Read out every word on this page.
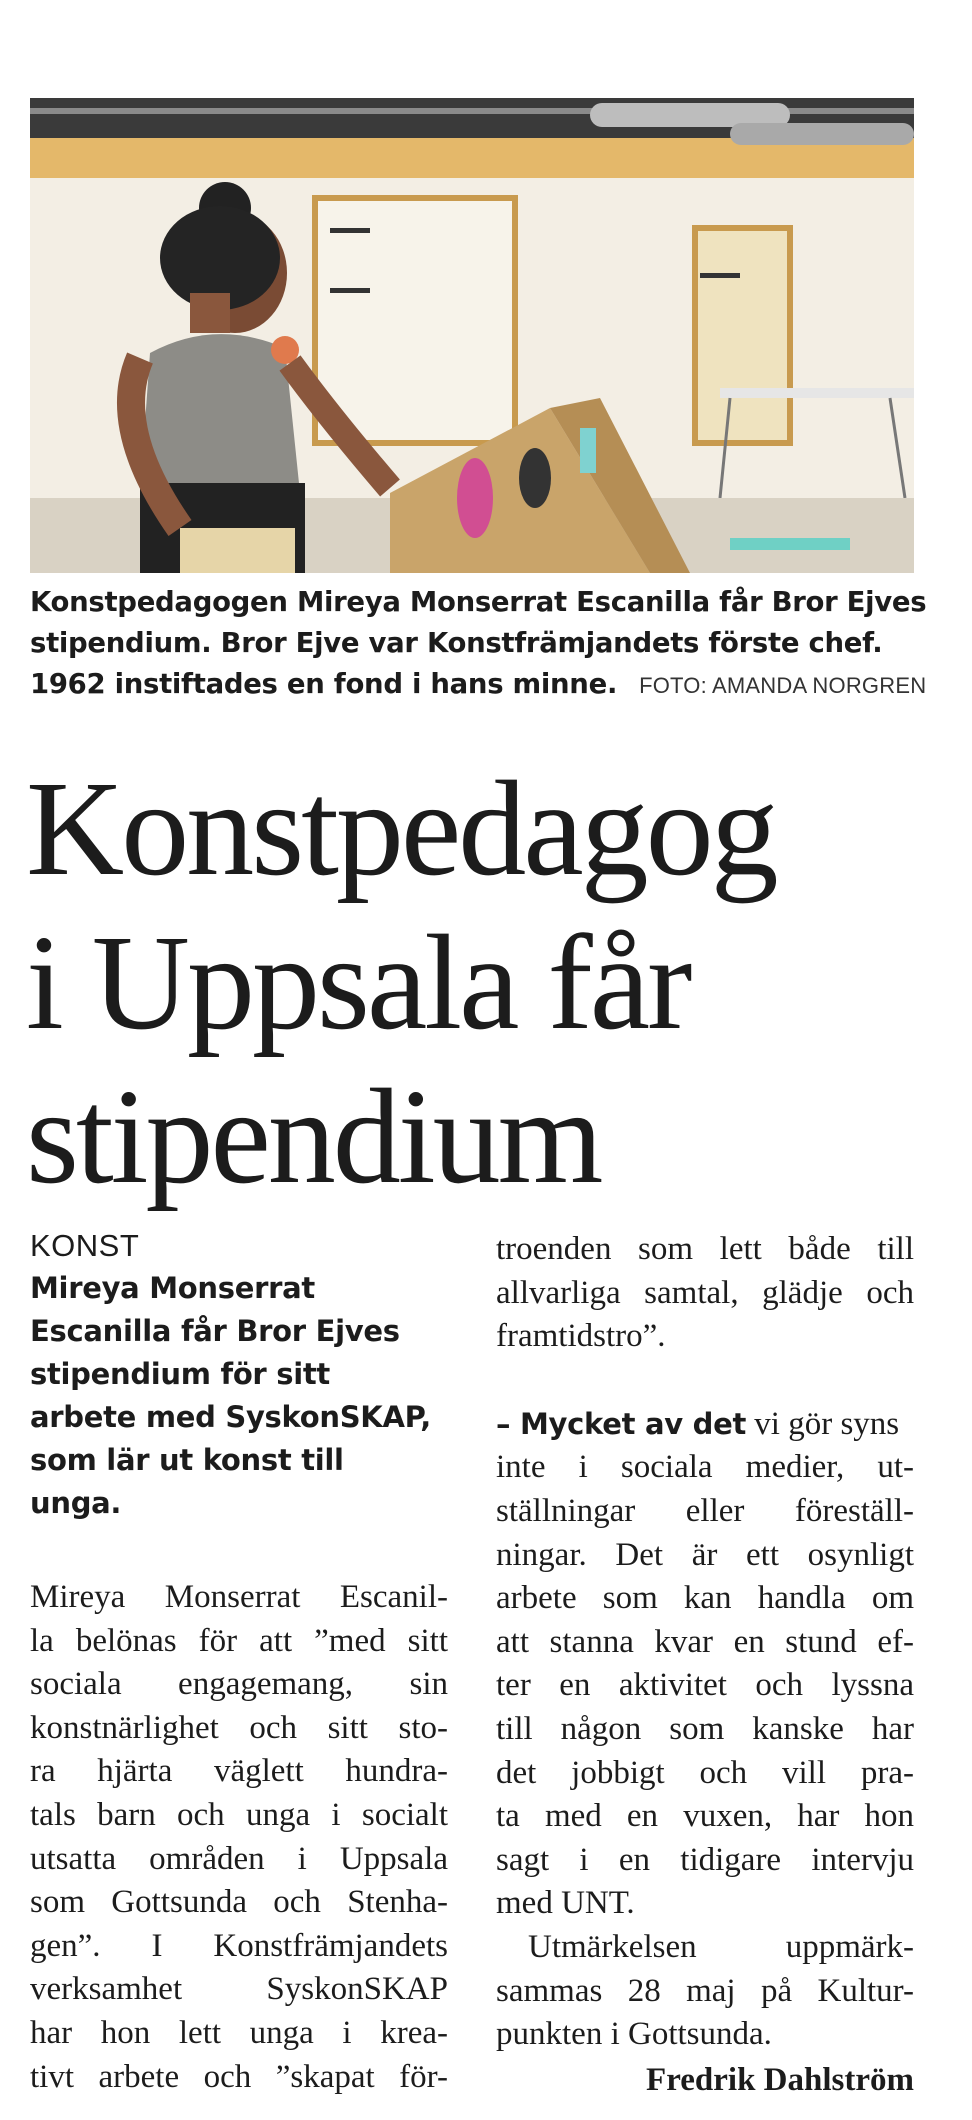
Konstpedagogen Mireya Monserrat Escanilla får Bror Ejves
stipendium. Bror Ejve var Konstfrämjandets förste chef.
1962 instiftades en fond i hans minne. FOTO: AMANDA NORGREN
Konstpedagog
i Uppsala får
stipendium
KONST
Mireya Monserrat
Escanilla får Bror Ejves
stipendium för sitt
arbete med SyskonSKAP,
som lär ut konst till
unga.
Mireya Monserrat Escanil-
la belönas för att ”med sitt
sociala engagemang, sin
konstnärlighet och sitt sto-
ra hjärta väglett hundra-
tals barn och unga i socialt
utsatta områden i Uppsala
som Gottsunda och Stenha-
gen”. I Konstfrämjandets
verksamhet SyskonSKAP
har hon lett unga i krea-
tivt arbete och ”skapat för-
troenden som lett både till
allvarliga samtal, glädje och
framtidstro”.
– Mycket av det vi gör syns
inte i sociala medier, ut-
ställningar eller föreställ-
ningar. Det är ett osynligt
arbete som kan handla om
att stanna kvar en stund ef-
ter en aktivitet och lyssna
till någon som kanske har
det jobbigt och vill pra-
ta med en vuxen, har hon
sagt i en tidigare intervju
med UNT.
Utmärkelsen uppmärk-
sammas 28 maj på Kultur-
punkten i Gottsunda.
Fredrik Dahlström
